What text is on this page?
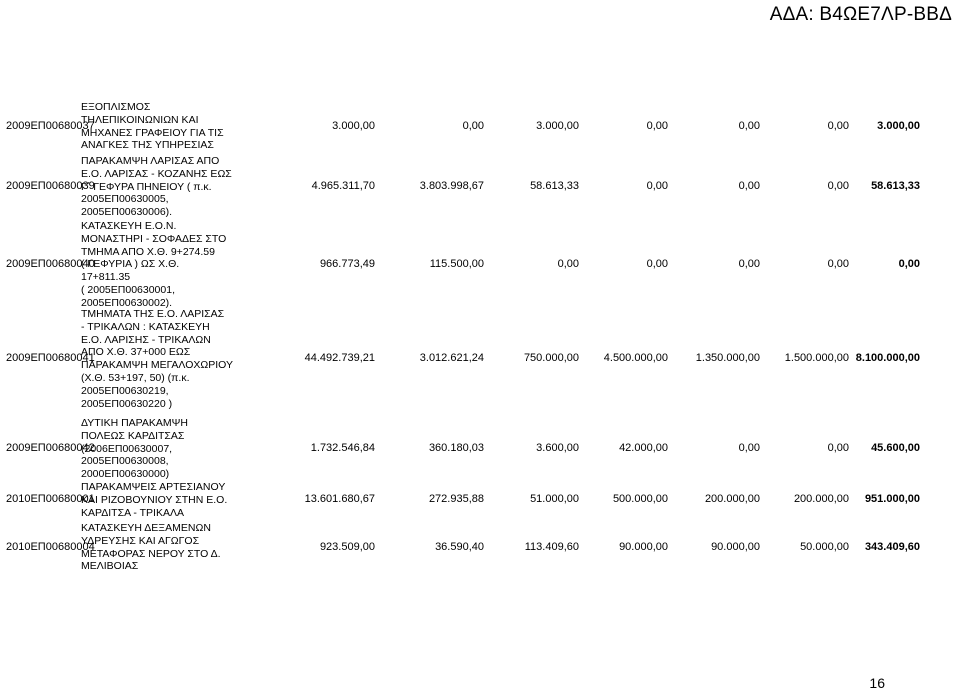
ΑΔΑ: Β4ΩΕ7ΛΡ-ΒΒΔ
2009ΕΠ00680037
ΕΞΟΠΛΙΣΜΟΣ
ΤΗΛΕΠΙΚΟΙΝΩΝΙΩΝ ΚΑΙ
ΜΗΧΑΝΕΣ ΓΡΑΦΕΙΟΥ ΓΙΑ ΤΙΣ
ΑΝΑΓΚΕΣ ΤΗΣ ΥΠΗΡΕΣΙΑΣ
3.000,00	0,00	3.000,00	0,00	0,00	0,00	3.000,00
2009ΕΠ00680039
ΠΑΡΑΚΑΜΨΗ ΛΑΡΙΣΑΣ ΑΠΟ
Ε.Ο. ΛΑΡΙΣΑΣ - ΚΟΖΑΝΗΣ ΕΩΣ
Γ΄ ΓΕΦΥΡΑ ΠΗΝΕΙΟΥ ( π.κ.
2005ΕΠ00630005,
2005ΕΠ00630006).
4.965.311,70	3.803.998,67	58.613,33	0,00	0,00	0,00 58.613,33
2009ΕΠ00680040
ΚΑΤΑΣΚΕΥΗ Ε.Ο.Ν.
ΜΟΝΑΣΤΗΡΙ - ΣΟΦΑΔΕΣ ΣΤΟ
ΤΜΗΜΑ ΑΠΟ Χ.Θ. 9+274.59
( ΓΕΦΥΡΙΑ ) ΩΣ Χ.Θ.
17+811.35
( 2005ΕΠ00630001,
2005ΕΠ00630002).
966.773,49	115.500,00	0,00	0,00	0,00	0,00	0,00
2009ΕΠ00680041
ΤΜΗΜΑΤΑ ΤΗΣ Ε.Ο. ΛΑΡΙΣΑΣ
- ΤΡΙΚΑΛΩΝ : ΚΑΤΑΣΚΕΥΗ
Ε.Ο. ΛΑΡΙΣΗΣ - ΤΡΙΚΑΛΩΝ
ΑΠΟ Χ.Θ. 37+000 ΕΩΣ
ΠΑΡΑΚΑΜΨΗ ΜΕΓΑΛΟΧΩΡΙΟΥ
(Χ.Θ. 53+197, 50) (π.κ.
2005ΕΠ00630219,
2005ΕΠ00630220 )
44.492.739,21	3.012.621,24	750.000,00 4.500.000,00	1.350.000,00 1.500.000,00 8.100.000,00
2009ΕΠ00680042
ΔΥΤΙΚΗ ΠΑΡΑΚΑΜΨΗ
ΠΟΛΕΩΣ ΚΑΡΔΙΤΣΑΣ
(2006ΕΠ00630007,
2005ΕΠ00630008,
2000ΕΠ00630000)
1.732.546,84	360.180,03	3.600,00	42.000,00	0,00	0,00 45.600,00
2010ΕΠ00680001
ΠΑΡΑΚΑΜΨΕΙΣ ΑΡΤΕΣΙΑΝΟΥ
ΚΑΙ ΡΙΖΟΒΟΥΝΙΟΥ ΣΤΗΝ Ε.Ο.
ΚΑΡΔΙΤΣΑ - ΤΡΙΚΑΛΑ
13.601.680,67	272.935,88	51.000,00	500.000,00	200.000,00	200.000,00 951.000,00
2010ΕΠ00680004
ΚΑΤΑΣΚΕΥΗ ΔΕΞΑΜΕΝΩΝ
ΥΔΡΕΥΣΗΣ ΚΑΙ ΑΓΩΓΟΣ
ΜΕΤΑΦΟΡΑΣ ΝΕΡΟΥ ΣΤΟ Δ.
ΜΕΛΙΒΟΙΑΣ
923.509,00	36.590,40	113.409,60	90.000,00	90.000,00	50.000,00 343.409,60
16
